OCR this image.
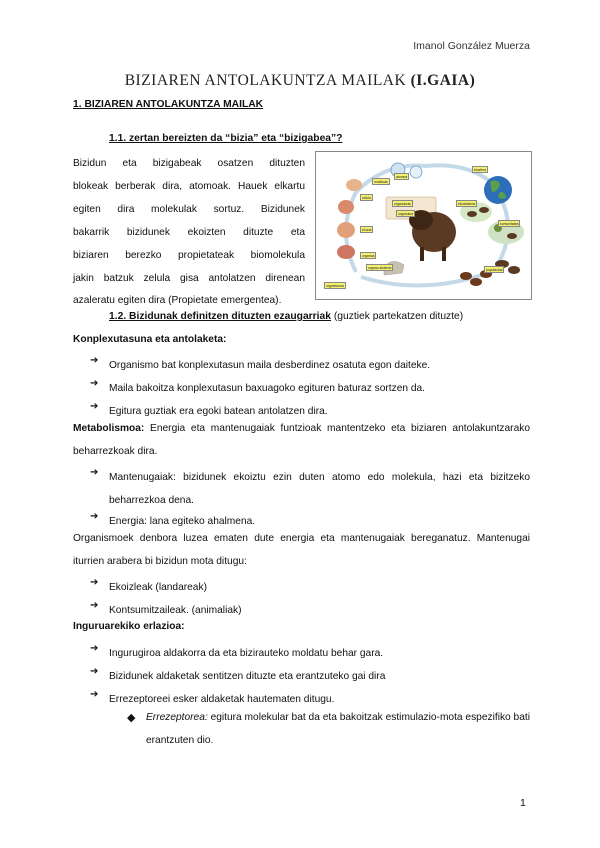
Imanol González Muerza
BIZIAREN ANTOLAKUNTZA MAILAK (I.GAIA)
1. BIZIAREN ANTOLAKUNTZA MAILAK
1.1. zertan bereizten da “bizia” eta “bizigabea”?
Bizidun eta bizigabeak osatzen dituzten
blokeak berberak dira, atomoak. Hauek elkartu
egiten dira molekulak sortuz. Bizidunek
bakarrik bizidunek ekoizten dituzte eta
biziaren berezko propietateak biomolekula
jakin batzuk zelula gisa antolatzen direnean
azaleratu egiten dira (Propietate emergentea).
atomoa
molekula
zelula
organuluak
ehuna
organoa
organo-sistema
organismoa
populazioa
komunitatea
ekosistema
biosfera
organulua
1.2. Bizidunak definitzen dituzten ezaugarriak (guztiek partekatzen dituzte)
Konplexutasuna eta antolaketa:
➔ Organismo bat konplexutasun maila desberdinez osatuta egon daiteke.
➔ Maila bakoitza konplexutasun baxuagoko egituren baturaz sortzen da.
➔ Egitura guztiak era egoki batean antolatzen dira.
Metabolismoa: Energia eta mantenugaiak funtzioak mantentzeko eta biziaren antolakuntzarako beharrezkoak dira.
➔ Mantenugaiak: bizidunek ekoiztu ezin duten atomo edo molekula, hazi eta bizitzeko beharrezkoa dena.
➔ Energia: lana egiteko ahalmena.
Organismoek denbora luzea ematen dute energia eta mantenugaiak bereganatuz. Mantenugai iturrien arabera bi bizidun mota ditugu:
➔ Ekoizleak (landareak)
➔ Kontsumitzaileak. (animaliak)
Inguruarekiko erlazioa:
➔ Ingurugiroa aldakorra da eta bizirauteko moldatu behar gara.
➔ Bizidunek aldaketak sentitzen dituzte eta erantzuteko gai dira
➔ Errezeptoreei esker aldaketak hautematen ditugu.
◆ Errezeptorea: egitura molekular bat da eta bakoitzak estimulazio-mota espezifiko bati erantzuten dio.
1
